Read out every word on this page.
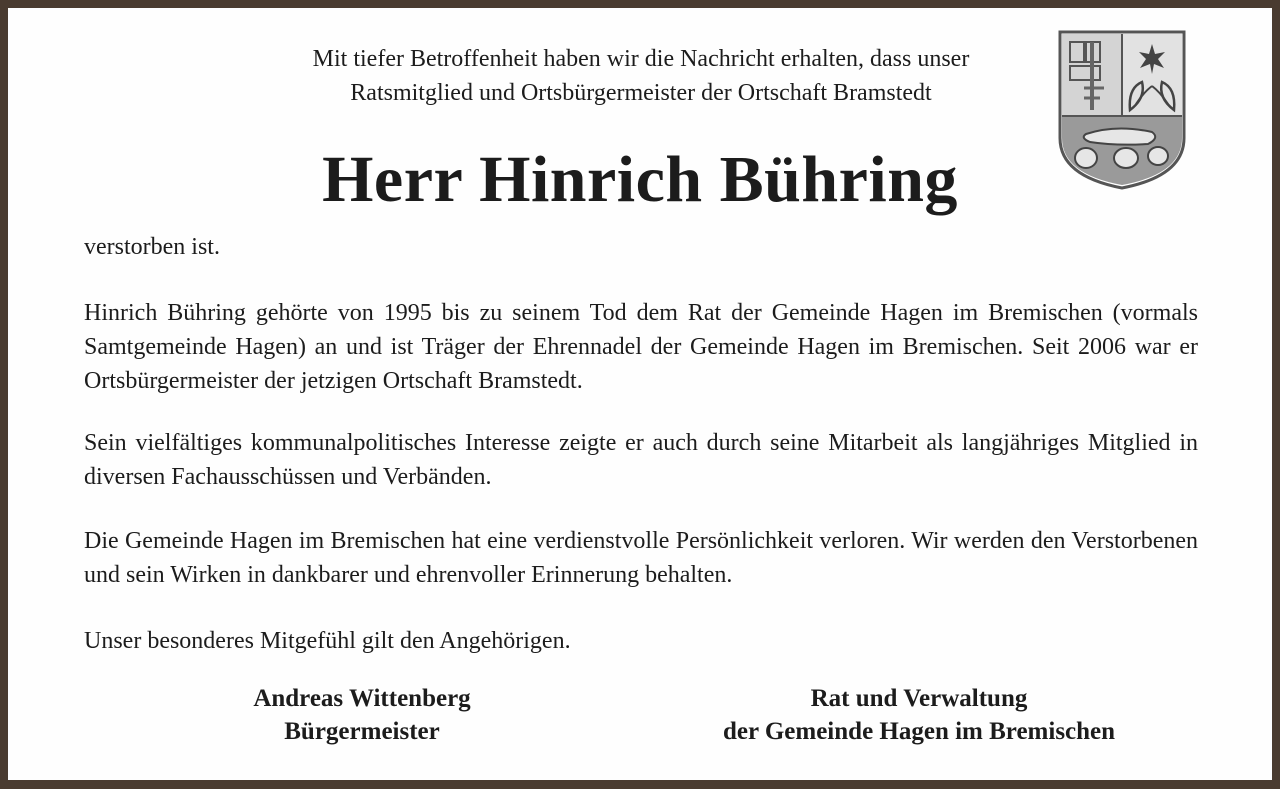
Mit tiefer Betroffenheit haben wir die Nachricht erhalten, dass unser
Ratsmitglied und Ortsbürgermeister der Ortschaft Bramstedt
Herr Hinrich Bühring

verstorben ist.

Hinrich Bühring gehörte von 1995 bis zu seinem Tod dem Rat der Gemeinde Hagen im Bremischen (vormals Samtgemeinde Hagen) an und ist Träger der Ehrennadel der Gemeinde Hagen im Bremischen. Seit 2006 war er Ortsbürgermeister der jetzigen Ortschaft Bramstedt.

Sein vielfältiges kommunalpolitisches Interesse zeigte er auch durch seine Mitarbeit als langjähriges Mitglied in diversen Fachausschüssen und Verbänden.

Die Gemeinde Hagen im Bremischen hat eine verdienstvolle Persönlichkeit verloren. Wir werden den Verstorbenen und sein Wirken in dankbarer und ehrenvoller Erinnerung behalten.

Unser besonderes Mitgefühl gilt den Angehörigen.

Andreas Wittenberg
Bürgermeister
Rat und Verwaltung
der Gemeinde Hagen im Bremischen
